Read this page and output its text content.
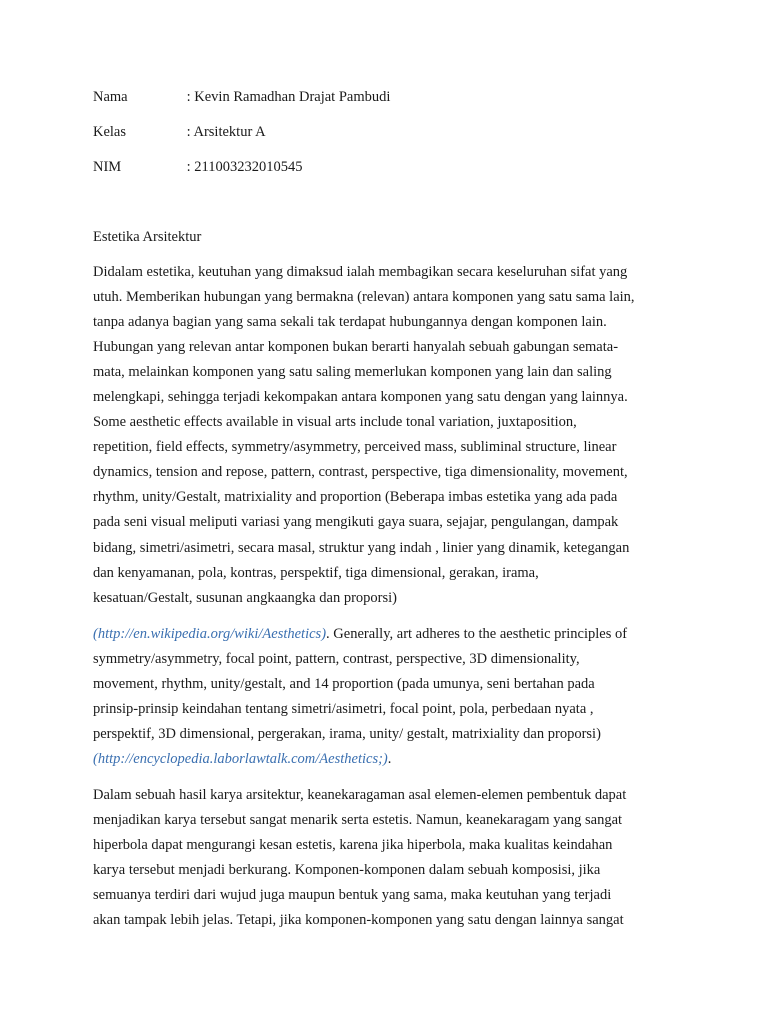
Nama	: Kevin Ramadhan Drajat Pambudi
Kelas	: Arsitektur A
NIM	: 211003232010545
Estetika Arsitektur
Didalam estetika, keutuhan yang dimaksud ialah membagikan secara keseluruhan sifat yang
utuh. Memberikan hubungan yang bermakna (relevan) antara komponen yang satu sama lain,
tanpa adanya bagian yang sama sekali tak terdapat hubungannya dengan komponen lain.
Hubungan yang relevan antar komponen bukan berarti hanyalah sebuah gabungan semata-
mata, melainkan komponen yang satu saling memerlukan komponen yang lain dan saling
melengkapi, sehingga terjadi kekompakan antara komponen yang satu dengan yang lainnya.
Some aesthetic effects available in visual arts include tonal variation, juxtaposition,
repetition, field effects, symmetry/asymmetry, perceived mass, subliminal structure, linear
dynamics, tension and repose, pattern, contrast, perspective, tiga dimensionality, movement,
rhythm, unity/Gestalt, matrixiality and proportion (Beberapa imbas estetika yang ada pada
pada seni visual meliputi variasi yang mengikuti gaya suara, sejajar, pengulangan, dampak
bidang, simetri/asimetri, secara masal, struktur yang indah , linier yang dinamik, ketegangan
dan kenyamanan, pola, kontras, perspektif, tiga dimensional, gerakan, irama,
kesatuan/Gestalt, susunan angkaangka dan proporsi)
(http://en.wikipedia.org/wiki/Aesthetics). Generally, art adheres to the aesthetic principles of
symmetry/asymmetry, focal point, pattern, contrast, perspective, 3D dimensionality,
movement, rhythm, unity/gestalt, and 14 proportion (pada umunya, seni bertahan pada
prinsip-prinsip keindahan tentang simetri/asimetri, focal point, pola, perbedaan nyata ,
perspektif, 3D dimensional, pergerakan, irama, unity/ gestalt, matrixiality dan proporsi)
(http://encyclopedia.laborlawtalk.com/Aesthetics;).
Dalam sebuah hasil karya arsitektur, keanekaragaman asal elemen-elemen pembentuk dapat
menjadikan karya tersebut sangat menarik serta estetis. Namun, keanekaragam yang sangat
hiperbola dapat mengurangi kesan estetis, karena jika hiperbola, maka kualitas keindahan
karya tersebut menjadi berkurang. Komponen-komponen dalam sebuah komposisi, jika
semuanya terdiri dari wujud juga maupun bentuk yang sama, maka keutuhan yang terjadi
akan tampak lebih jelas. Tetapi, jika komponen-komponen yang satu dengan lainnya sangat
